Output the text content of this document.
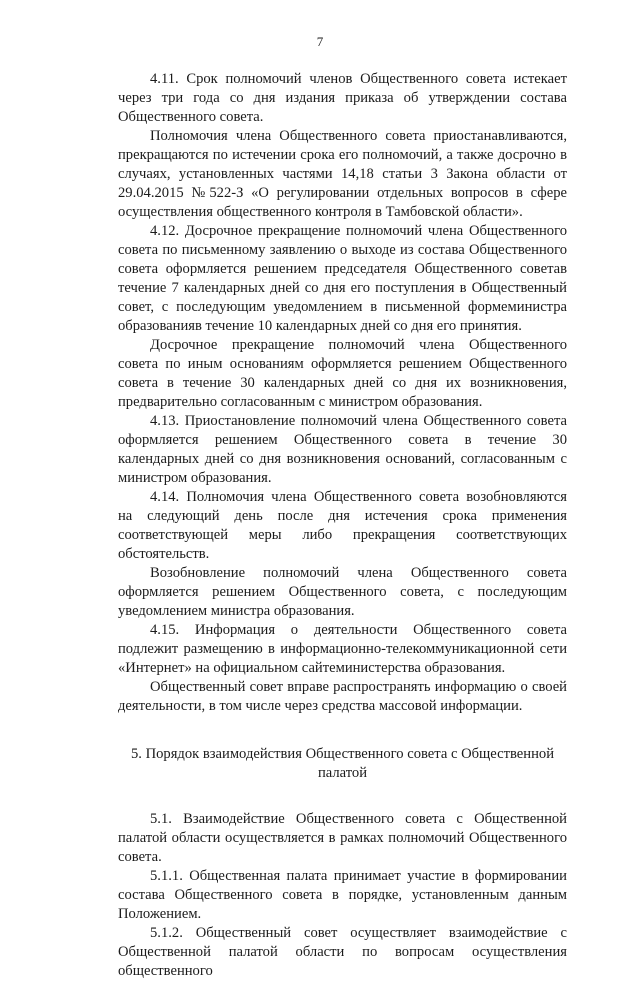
7

4.11. Срок полномочий членов Общественного совета истекает через три года со дня издания приказа об утверждении состава Общественного совета.

Полномочия члена Общественного совета приостанавливаются, прекращаются по истечении срока его полномочий, а также досрочно в случаях, установленных частями 14,18 статьи 3 Закона области от 29.04.2015 №522-З «О регулировании отдельных вопросов в сфере осуществления общественного контроля в Тамбовской области».

4.12. Досрочное прекращение полномочий члена Общественного совета по письменному заявлению о выходе из состава Общественного совета оформляется решением председателя Общественного советав течение 7 календарных дней со дня его поступления в Общественный совет, с последующим уведомлением в письменной формеминистра образованияв течение 10 календарных дней со дня его принятия.

Досрочное прекращение полномочий члена Общественного совета по иным основаниям оформляется решением Общественного совета в течение 30 календарных дней со дня их возникновения, предварительно согласованным с министром образования.

4.13. Приостановление полномочий члена Общественного совета оформляется решением Общественного совета в течение 30 календарных дней со дня возникновения оснований, согласованным с министром образования.

4.14. Полномочия члена Общественного совета возобновляются на следующий день после дня истечения срока применения соответствующей меры либо прекращения соответствующих обстоятельств.

Возобновление полномочий члена Общественного совета оформляется решением Общественного совета, с последующим уведомлением министра образования.

4.15. Информация о деятельности Общественного совета подлежит размещению в информационно-телекоммуникационной сети «Интернет» на официальном сайтеминистерства образования.

Общественный совет вправе распространять информацию о своей деятельности, в том числе через средства массовой информации.

5. Порядок взаимодействия Общественного совета с Общественной палатой

5.1. Взаимодействие Общественного совета с Общественной палатой области осуществляется в рамках полномочий Общественного совета.

5.1.1. Общественная палата принимает участие в формировании состава Общественного совета в порядке, установленным данным Положением.

5.1.2. Общественный совет осуществляет взаимодействие с Общественной палатой области по вопросам осуществления общественного
